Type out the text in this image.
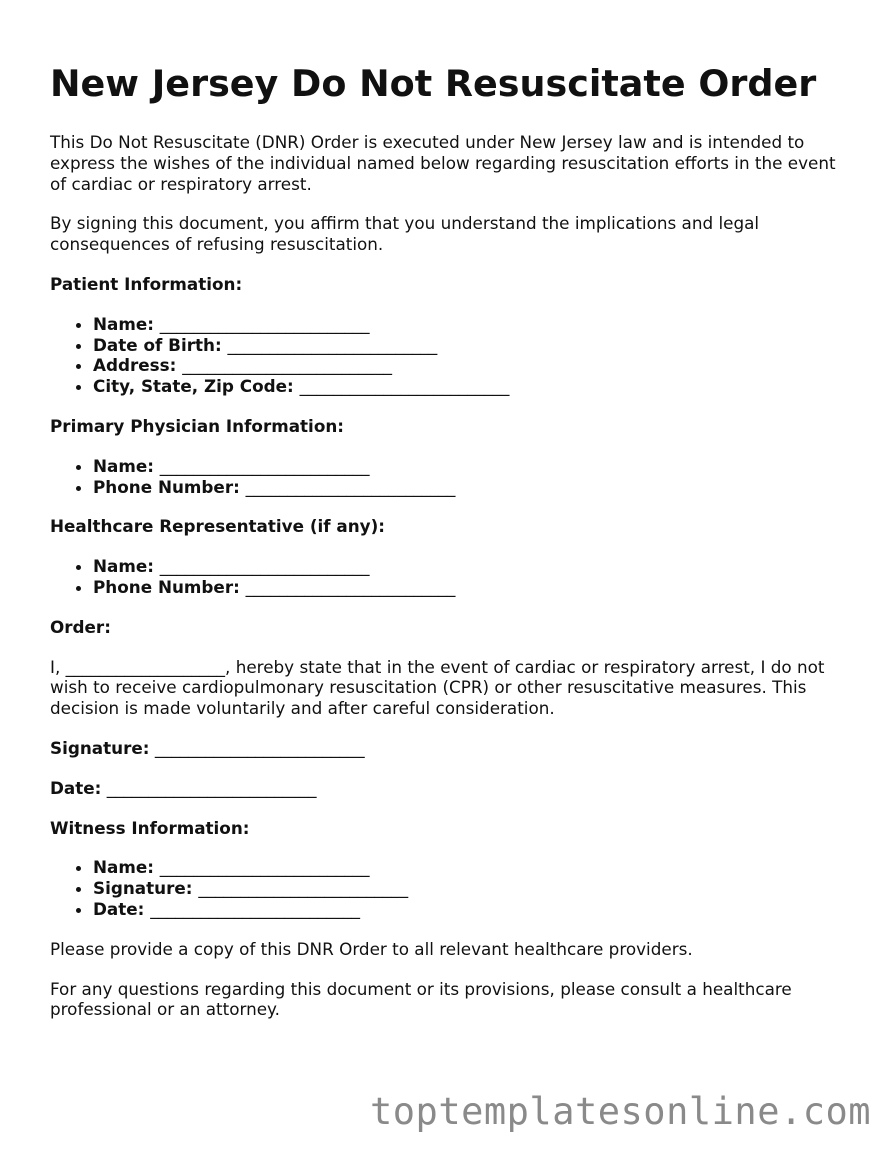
New Jersey Do Not Resuscitate Order

This Do Not Resuscitate (DNR) Order is executed under New Jersey law and is intended to express the wishes of the individual named below regarding resuscitation efforts in the event of cardiac or respiratory arrest.

By signing this document, you affirm that you understand the implications and legal consequences of refusing resuscitation.

Patient Information:

• Name: _________________________
• Date of Birth: _________________________
• Address: _________________________
• City, State, Zip Code: _________________________

Primary Physician Information:

• Name: _________________________
• Phone Number: _________________________

Healthcare Representative (if any):

• Name: _________________________
• Phone Number: _________________________

Order:

I, ___________________, hereby state that in the event of cardiac or respiratory arrest, I do not wish to receive cardiopulmonary resuscitation (CPR) or other resuscitative measures. This decision is made voluntarily and after careful consideration.

Signature: _________________________

Date: _________________________

Witness Information:

• Name: _________________________
• Signature: _________________________
• Date: _________________________

Please provide a copy of this DNR Order to all relevant healthcare providers.

For any questions regarding this document or its provisions, please consult a healthcare professional or an attorney.

toptemplatesonline.com
